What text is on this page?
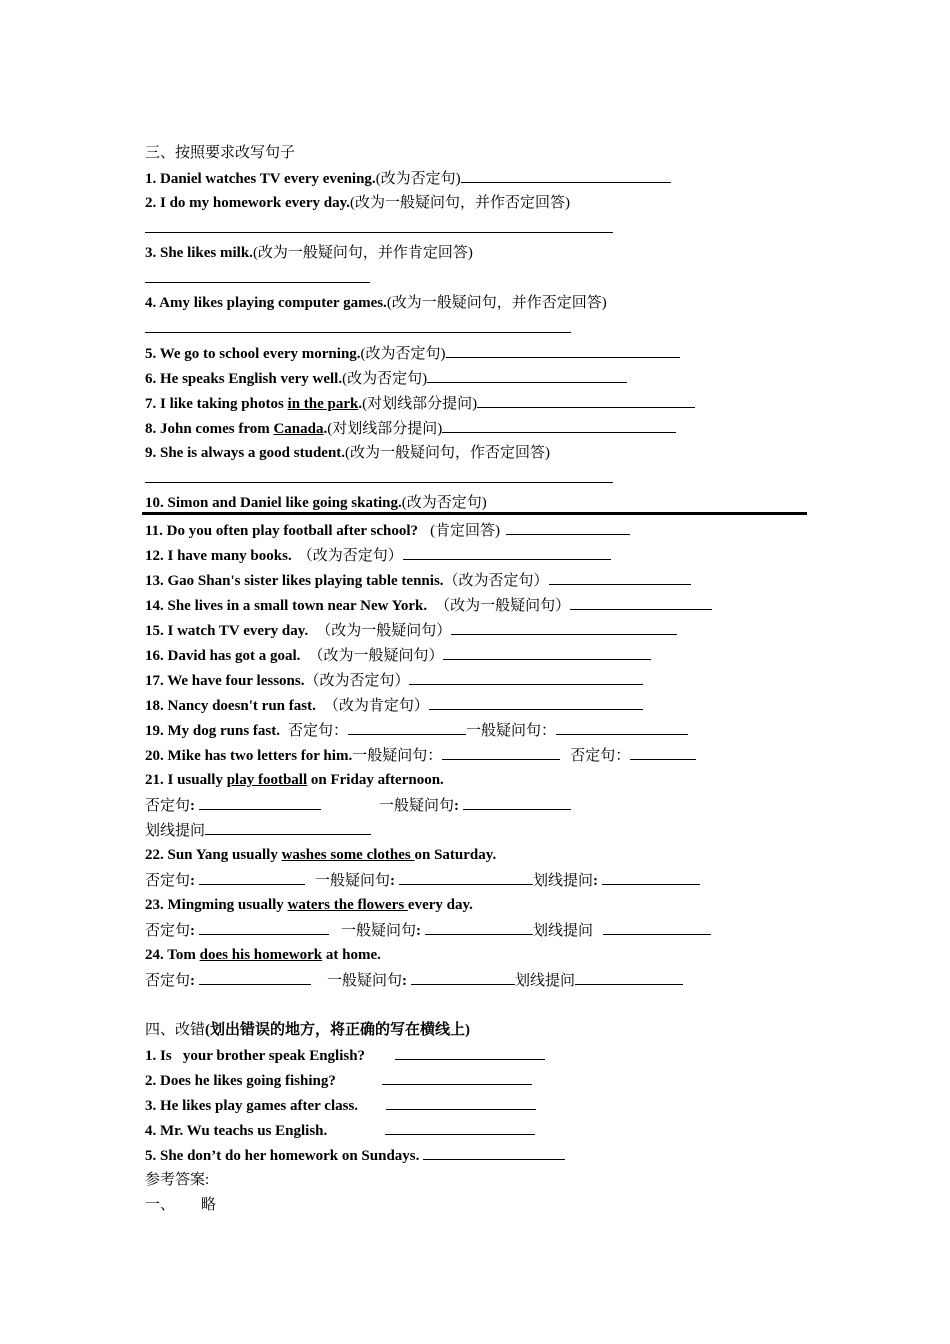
三、按照要求改写句子
1. Daniel watches TV every evening.(改为否定句)
2. I do my homework every day.(改为一般疑问句，并作否定回答)
3. She likes milk.(改为一般疑问句，并作肯定回答)
4. Amy likes playing computer games.(改为一般疑问句，并作否定回答)
5. We go to school every morning.(改为否定句)
6. He speaks English very well.(改为否定句)
7. I like taking photos in the park.(对划线部分提问)
8. John comes from Canada.(对划线部分提问)
9. She is always a good student.(改为一般疑问句，作否定回答)
10. Simon and Daniel like going skating.(改为否定句)
11. Do you often play football after school? (肯定回答)
12. I have many books. （改为否定句）
13. Gao Shan's sister likes playing table tennis.（改为否定句）
14. She lives in a small town near New York. （改为一般疑问句）
15. I watch TV every day. （改为一般疑问句）
16. David has got a goal. （改为一般疑问句）
17. We have four lessons.（改为否定句）
18. Nancy doesn't run fast. （改为肯定句）
19. My dog runs fast. 否定句：	一般疑问句：
20. Mike has two letters for him.一般疑问句：	否定句：
21. I usually play football on Friday afternoon.
否定句:	一般疑问句:
划线提问
22. Sun Yang usually washes some clothes on Saturday.
否定句:	一般疑问句:	划线提问:
23. Mingming usually waters the flowers every day.
否定句:	一般疑问句:	划线提问
24. Tom does his homework at home.
否定句:	一般疑问句:	划线提问
四、改错(划出错误的地方，将正确的写在横线上)
1. Is   your brother speak English?
2. Does he likes going fishing?
3. He likes play games after class.
4. Mr. Wu teachs us English.
5. She don’t do her homework on Sundays.
参考答案:
一、 略
